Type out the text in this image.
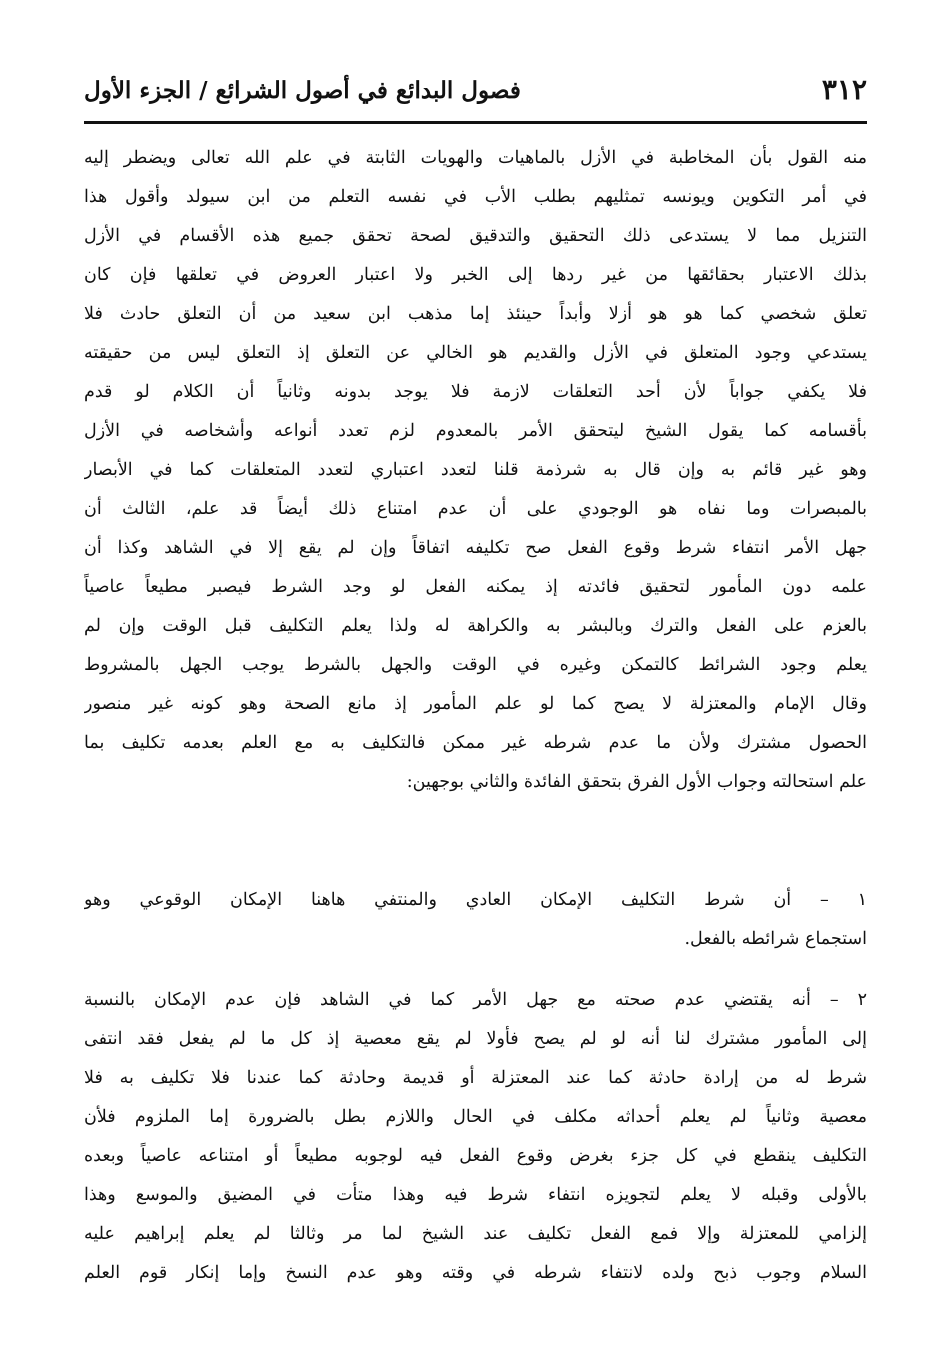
٣١٢
فصول البدائع في أصول الشرائع / الجزء الأول
منه القول بأن المخاطبة في الأزل بالماهيات والهويات الثابتة في علم الله تعالى ويضطر إليه
في أمر التكوين ويونسه تمثليهم بطلب الأب في نفسه التعلم من ابن سيولد وأقول هذا
التنزيل مما لا يستدعى ذلك التحقيق والتدقيق لصحة تحقق جميع هذه الأقسام في الأزل
بذلك الاعتبار بحقائقها من غير ردها إلى الخبر ولا اعتبار العروض في تعلقها فإن كان
تعلق شخصي كما هو هو أزلا وأبداً حينئذ إما مذهب ابن سعيد من أن التعلق حادث فلا
يستدعي وجود المتعلق في الأزل والقديم هو الخالي عن التعلق إذ التعلق ليس من حقيقته
فلا يكفي جواباً لأن أحد التعلقات لازمة فلا يوجد بدونه وثانياً أن الكلام لو قدم
بأقسامه كما يقول الشيخ ليتحقق الأمر بالمعدوم لزم تعدد أنواعه وأشخاصه في الأزل
وهو غير قائم به وإن قال به شرذمة قلنا لتعدد اعتباري لتعدد المتعلقات كما في الأبصار
بالمبصرات وما نفاه هو الوجودي على أن عدم امتناع ذلك أيضاً قد علم، الثالث أن
جهل الأمر انتفاء شرط وقوع الفعل صح تكليفه اتفاقاً وإن لم يقع إلا في الشاهد وكذا أن
علمه دون المأمور لتحقيق فائدته إذ يمكنه الفعل لو وجد الشرط فيصبر مطيعاً عاصياً
بالعزم على الفعل والترك وبالبشر به والكراهة له ولذا يعلم التكليف قبل الوقت وإن لم
يعلم وجود الشرائط كالتمكن وغيره في الوقت والجهل بالشرط يوجب الجهل بالمشروط
وقال الإمام والمعتزلة لا يصح كما لو علم المأمور إذ مانع الصحة وهو كونه غير منصور
الحصول مشترك ولأن ما عدم شرطه غير ممكن فالتكليف به مع العلم بعدمه تكليف بما
علم استحالته وجواب الأول الفرق بتحقق الفائدة والثاني بوجهين:
١ – أن شرط التكليف الإمكان العادي والمنتفي هاهنا الإمكان الوقوعي وهو
استجماع شرائطه بالفعل.
٢ – أنه يقتضي عدم صحته مع جهل الأمر كما في الشاهد فإن عدم الإمكان بالنسبة
إلى المأمور مشترك لنا أنه لو لم يصح فأولا لم يقع معصية إذ كل ما لم يفعل فقد انتفى
شرط له من إرادة حادثة كما عند المعتزلة أو قديمة وحادثة كما عندنا فلا تكليف به فلا
معصية وثانياً لم يعلم أحداثه مكلف في الحال واللازم بطل بالضرورة إما الملزوم فلأن
التكليف ينقطع في كل جزء بغرض وقوع الفعل فيه لوجوبه مطيعاً أو امتناعه عاصياً وبعده
بالأولى وقبله لا يعلم لتجويزه انتفاء شرط فيه وهذا متأت في المضيق والموسع وهذا
إلزامي للمعتزلة وإلا فمع الفعل تكليف عند الشيخ لما مر وثالثا لم يعلم إبراهيم عليه
السلام وجوب ذبح ولده لانتفاء شرطه في وقته وهو عدم النسخ وإما إنكار قوم العلم
